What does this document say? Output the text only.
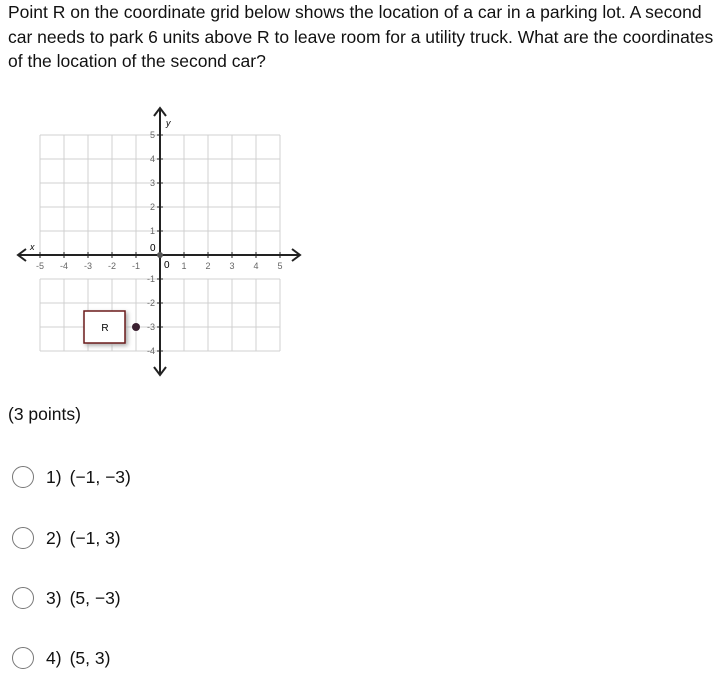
Point R on the coordinate grid below shows the location of a car in a parking lot. A second car needs to park 6 units above R to leave room for a utility truck. What are the coordinates of the location of the second car?

-5 -4 -3 -2 -1	1 2 3 4 5
-4
-3
-2
-1
1
2
3
4
5
0
0
x
y
R
(3 points)
1) (−1, −3)
2) (−1, 3)
3) (5, −3)
4) (5, 3)
